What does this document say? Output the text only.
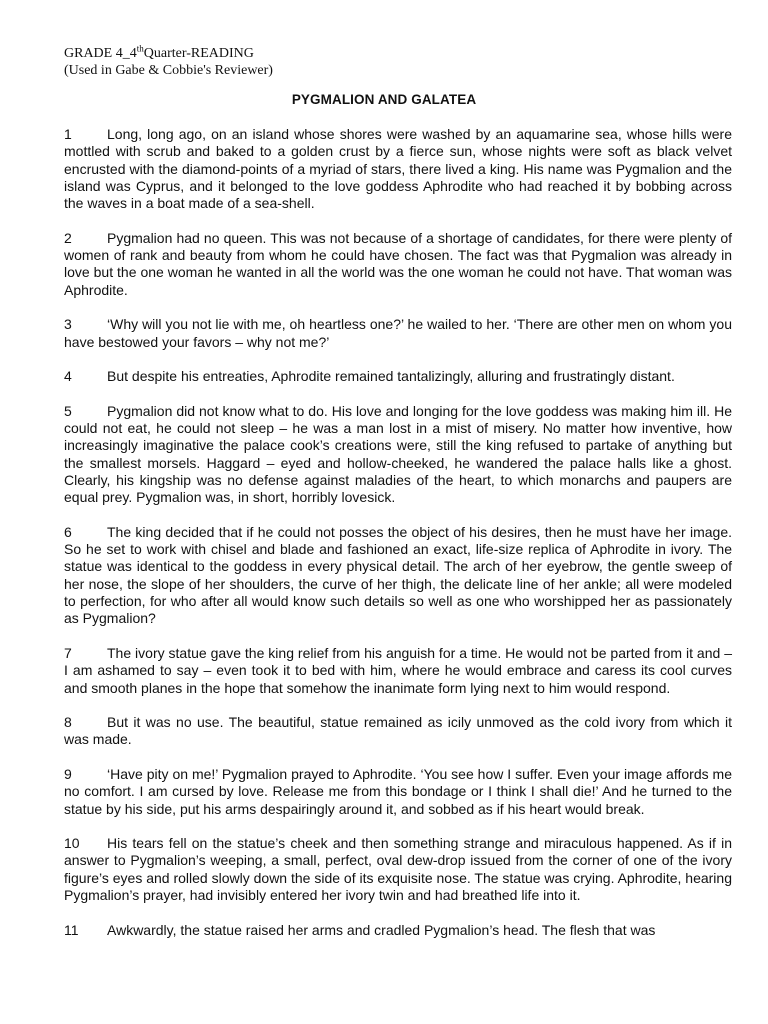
GRADE 4_4thQuarter-READING
(Used in Gabe & Cobbie's Reviewer)
PYGMALION AND GALATEA

1	Long, long ago, on an island whose shores were washed by an aquamarine sea, whose hills were mottled with scrub and baked to a golden crust by a fierce sun, whose nights were soft as black velvet encrusted with the diamond-points of a myriad of stars, there lived a king. His name was Pygmalion and the island was Cyprus, and it belonged to the love goddess Aphrodite who had reached it by bobbing across the waves in a boat made of a sea-shell.

2	Pygmalion had no queen. This was not because of a shortage of candidates, for there were plenty of women of rank and beauty from whom he could have chosen. The fact was that Pygmalion was already in love but the one woman he wanted in all the world was the one woman he could not have. That woman was Aphrodite.

3	‘Why will you not lie with me, oh heartless one?’ he wailed to her. ‘There are other men on whom you have bestowed your favors – why not me?’

4	But despite his entreaties, Aphrodite remained tantalizingly, alluring and frustratingly distant.

5	Pygmalion did not know what to do. His love and longing for the love goddess was making him ill. He could not eat, he could not sleep – he was a man lost in a mist of misery. No matter how inventive, how increasingly imaginative the palace cook’s creations were, still the king refused to partake of anything but the smallest morsels. Haggard – eyed and hollow-cheeked, he wandered the palace halls like a ghost. Clearly, his kingship was no defense against maladies of the heart, to which monarchs and paupers are equal prey. Pygmalion was, in short, horribly lovesick.

6	The king decided that if he could not posses the object of his desires, then he must have her image. So he set to work with chisel and blade and fashioned an exact, life-size replica of Aphrodite in ivory. The statue was identical to the goddess in every physical detail. The arch of her eyebrow, the gentle sweep of her nose, the slope of her shoulders, the curve of her thigh, the delicate line of her ankle; all were modeled to perfection, for who after all would know such details so well as one who worshipped her as passionately as Pygmalion?

7	The ivory statue gave the king relief from his anguish for a time. He would not be parted from it and – I am ashamed to say – even took it to bed with him, where he would embrace and caress its cool curves and smooth planes in the hope that somehow the inanimate form lying next to him would respond.

8	But it was no use. The beautiful, statue remained as icily unmoved as the cold ivory from which it was made.

9	‘Have pity on me!’ Pygmalion prayed to Aphrodite. ‘You see how I suffer. Even your image affords me no comfort. I am cursed by love. Release me from this bondage or I think I shall die!’ And he turned to the statue by his side, put his arms despairingly around it, and sobbed as if his heart would break.

10 His tears fell on the statue’s cheek and then something strange and miraculous happened. As if in answer to Pygmalion’s weeping, a small, perfect, oval dew-drop issued from the corner of one of the ivory figure’s eyes and rolled slowly down the side of its exquisite nose. The statue was crying. Aphrodite, hearing Pygmalion’s prayer, had invisibly entered her ivory twin and had breathed life into it.

11 Awkwardly, the statue raised her arms and cradled Pygmalion’s head. The flesh that was
